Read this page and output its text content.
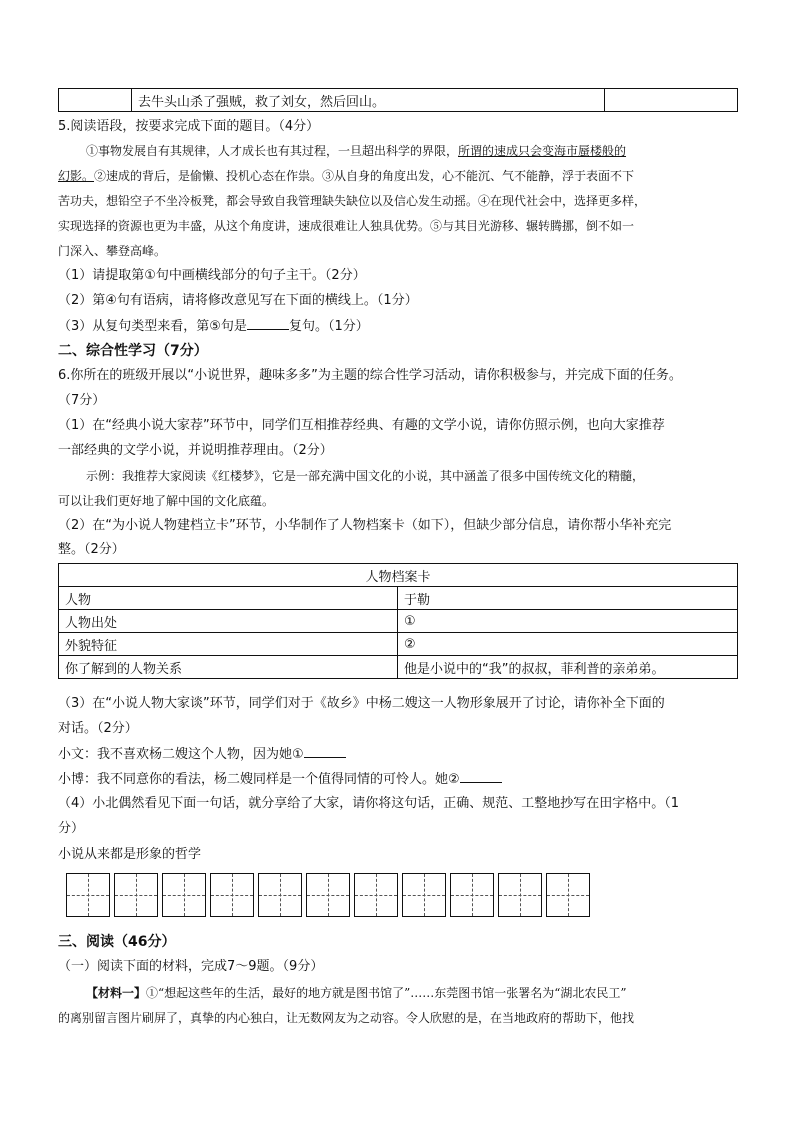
	去牛头山杀了强贼，救了刘女，然后回山。	
5.阅读语段，按要求完成下面的题目。（4分）
①事物发展自有其规律，人才成长也有其过程，一旦超出科学的界限，所谓的速成只会变海市蜃楼般的
幻影。②速成的背后，是偷懒、投机心态在作祟。③从自身的角度出发，心不能沉、气不能静，浮于表面不下
苦功夫，想铅空子不坐冷板凳，都会导致自我管理缺失缺位以及信心发生动摇。④在现代社会中，选择更多样，
实现选择的资源也更为丰盛，从这个角度讲，速成很难让人独具优势。⑤与其目光游移、辗转腾挪，倒不如一
门深入、攀登高峰。
（1）请提取第①句中画横线部分的句子主干。（2分）
（2）第④句有语病，请将修改意见写在下面的横线上。（1分）
（3）从复句类型来看，第⑤句是	复句。（1分）
二、综合性学习（7分）
6.你所在的班级开展以“小说世界，趣味多多”为主题的综合性学习活动，请你积极参与，并完成下面的任务。
（7分）
（1）在“经典小说大家荐”环节中，同学们互相推荐经典、有趣的文学小说，请你仿照示例，也向大家推荐
一部经典的文学小说，并说明推荐理由。（2分）
示例：我推荐大家阅读《红楼梦》，它是一部充满中国文化的小说，其中涵盖了很多中国传统文化的精髓，
可以让我们更好地了解中国的文化底蕴。
（2）在“为小说人物建档立卡”环节，小华制作了人物档案卡（如下），但缺少部分信息，请你帮小华补充完
整。（2分）
人物档案卡	
人物	于勒
人物出处	①
外貌特征	②
你了解到的人物关系	他是小说中的“我”的叔叔，菲利普的亲弟弟。
（3）在“小说人物大家谈”环节，同学们对于《故乡》中杨二嫂这一人物形象展开了讨论，请你补全下面的
对话。（2分）
小文：我不喜欢杨二嫂这个人物，因为她①
小博：我不同意你的看法，杨二嫂同样是一个值得同情的可怜人。她②
（4）小北偶然看见下面一句话，就分享给了大家，请你将这句话，正确、规范、工整地抄写在田字格中。（1
分）
小说从来都是形象的哲学
三、阅读（46分）
（一）阅读下面的材料，完成7～9题。（9分）
【材料一】①“想起这些年的生活，最好的地方就是图书馆了”……东莞图书馆一张署名为“湖北农民工”
的离别留言图片刷屏了，真挚的内心独白，让无数网友为之动容。令人欣慰的是，在当地政府的帮助下，他找
